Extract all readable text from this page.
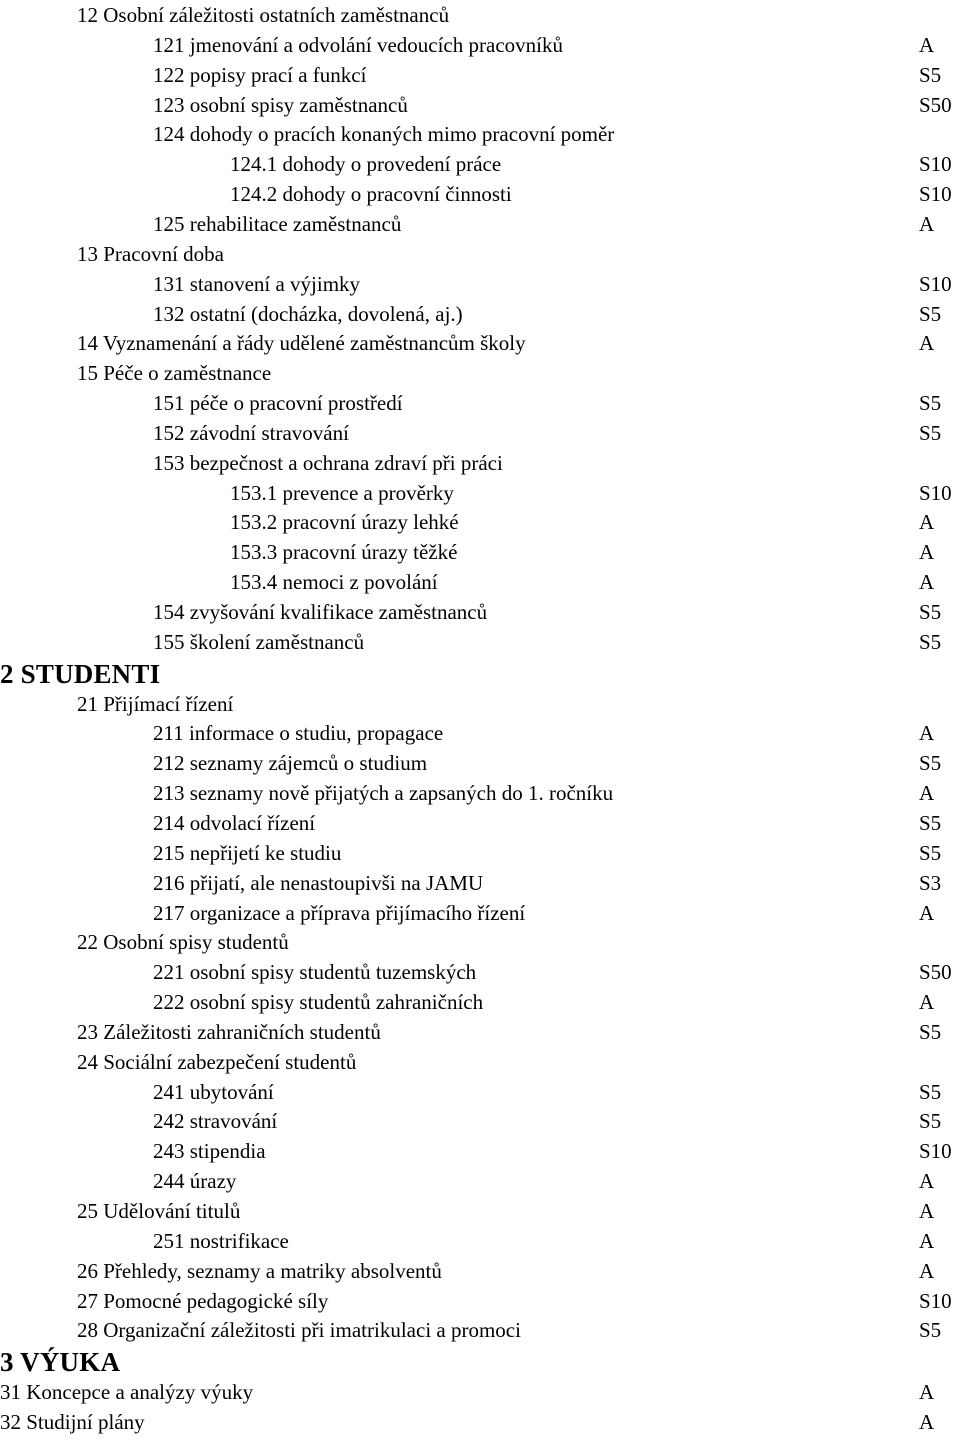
12 Osobní záležitosti ostatních zaměstnanců
121 jmenování a odvolání vedoucích pracovníků	A
122 popisy prací a funkcí	S5
123 osobní spisy zaměstnanců	S50
124 dohody o pracích konaných mimo pracovní poměr
124.1 dohody o provedení práce	S10
124.2 dohody o pracovní činnosti	S10
125 rehabilitace zaměstnanců	A
13 Pracovní doba
131 stanovení a výjimky	S10
132 ostatní (docházka, dovolená, aj.)	S5
14 Vyznamenání a řády udělené zaměstnancům školy	A
15 Péče o zaměstnance
151 péče o pracovní prostředí	S5
152 závodní stravování	S5
153 bezpečnost a ochrana zdraví při práci
153.1 prevence a prověrky	S10
153.2 pracovní úrazy lehké	A
153.3 pracovní úrazy těžké	A
153.4 nemoci z povolání	A
154 zvyšování kvalifikace zaměstnanců	S5
155 školení zaměstnanců	S5
2 STUDENTI
21 Přijímací řízení
211 informace o studiu, propagace	A
212 seznamy zájemců o studium	S5
213 seznamy nově přijatých a zapsaných do 1. ročníku	A
214 odvolací řízení	S5
215 nepřijetí ke studiu	S5
216 přijatí, ale nenastoupivši na JAMU	S3
217 organizace a příprava přijímacího řízení	A
22 Osobní spisy studentů
221 osobní spisy studentů tuzemských	S50
222 osobní spisy studentů zahraničních	A
23 Záležitosti zahraničních studentů	S5
24 Sociální zabezpečení studentů
241 ubytování	S5
242 stravování	S5
243 stipendia	S10
244 úrazy	A
25 Udělování titulů	A
251 nostrifikace	A
26 Přehledy, seznamy a matriky absolventů	A
27 Pomocné pedagogické síly	S10
28 Organizační záležitosti při imatrikulaci a promoci	S5
3 VÝUKA
31 Koncepce a analýzy výuky	A
32 Studijní plány	A
